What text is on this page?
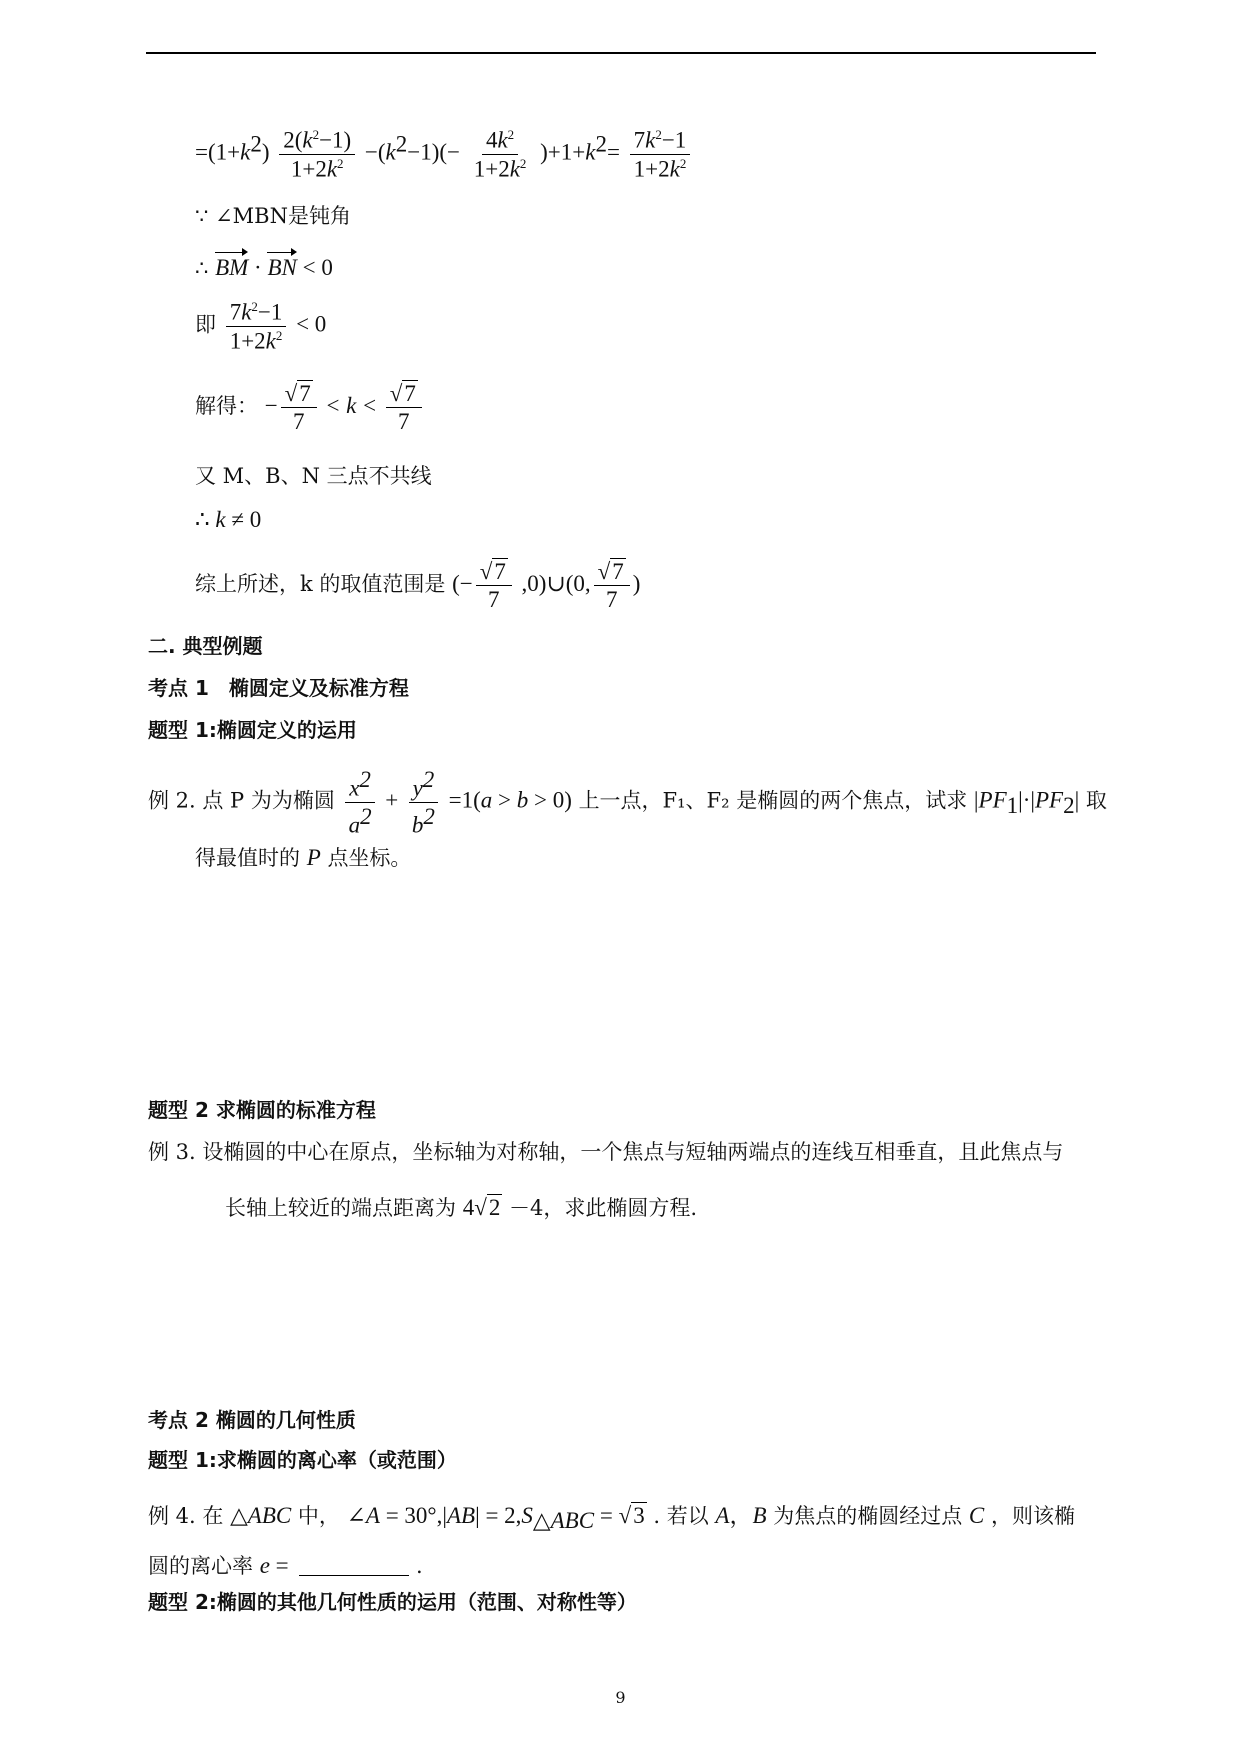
$=(1+k^2) \frac{2(k^2-1)}{1+2k^2} -(k^2-1)(- \frac{4k^2}{1+2k^2} )+1+k^2= \frac{7k^2-1}{1+2k^2}$
∵ ∠MBN是钝角
∴ BM · BN < 0
即 $\frac{7k^2-1}{1+2k^2} < 0$
解得： − $\frac{√7}{7} < k < \frac{√7}{7}$
又 M、B、N 三点不共线
∴ k ≠ 0
综上所述，k 的取值范围是 (− $\frac{√7}{7}$ ,0)∪(0, $\frac{√7}{7}$ )
二. 典型例题
考点 1　椭圆定义及标准方程
题型 1:椭圆定义的运用
例 2. 点 P 为为椭圆 $\frac{x^2}{a^2} + \frac{y^2}{b^2} =1(a > b > 0)$ 上一点，F₁、F₂ 是椭圆的两个焦点，试求 $|PF_1|\cdot|PF_2|$ 取
得最值时的 P 点坐标。
题型 2 求椭圆的标准方程
例 3. 设椭圆的中心在原点，坐标轴为对称轴，一个焦点与短轴两端点的连线互相垂直，且此焦点与
长轴上较近的端点距离为 4√2 －4，求此椭圆方程.
考点 2 椭圆的几何性质
题型 1:求椭圆的离心率（或范围）
例 4. 在 △ABC 中， ∠A = $30^\circ,|AB| = 2,S_{\triangle ABC} = √3$ . 若以 A，B 为焦点的椭圆经过点 C ，则该椭
圆的离心率 e =	.
题型 2:椭圆的其他几何性质的运用（范围、对称性等）
9
